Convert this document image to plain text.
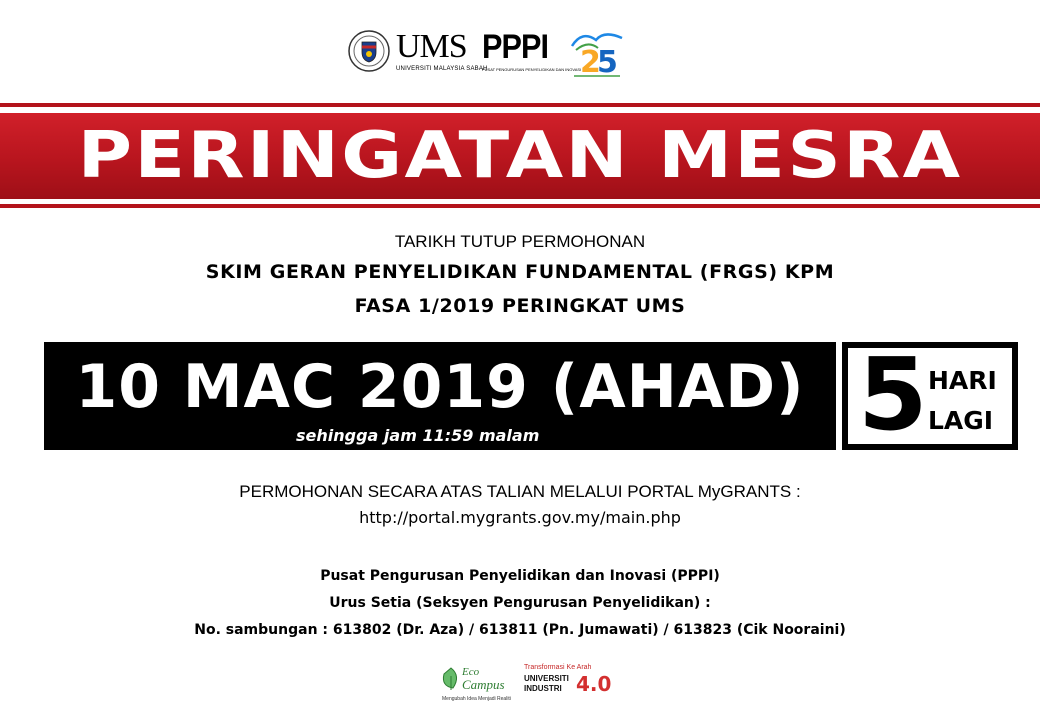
UMS
UNIVERSITI MALAYSIA SABAH
PPPI
PUSAT PENGURUSAN PENYELIDIKAN DAN INOVASI
2
5
PERINGATAN MESRA
TARIKH TUTUP PERMOHONAN
SKIM GERAN PENYELIDIKAN FUNDAMENTAL (FRGS) KPM
FASA 1/2019 PERINGKAT UMS
10 MAC 2019 (AHAD)
sehingga jam 11:59 malam	5 HARI
LAGI
PERMOHONAN SECARA ATAS TALIAN MELALUI PORTAL MyGRANTS :
http://portal.mygrants.gov.my/main.php
Pusat Pengurusan Penyelidikan dan Inovasi (PPPI)
Urus Setia (Seksyen Pengurusan Penyelidikan) :
No. sambungan : 613802 (Dr. Aza) / 613811 (Pn. Jumawati) / 613823 (Cik Nooraini)
Eco
Campus
Mengubah Idea Menjadi Realiti
Transformasi Ke Arah
UNIVERSITI
INDUSTRI 4.0
